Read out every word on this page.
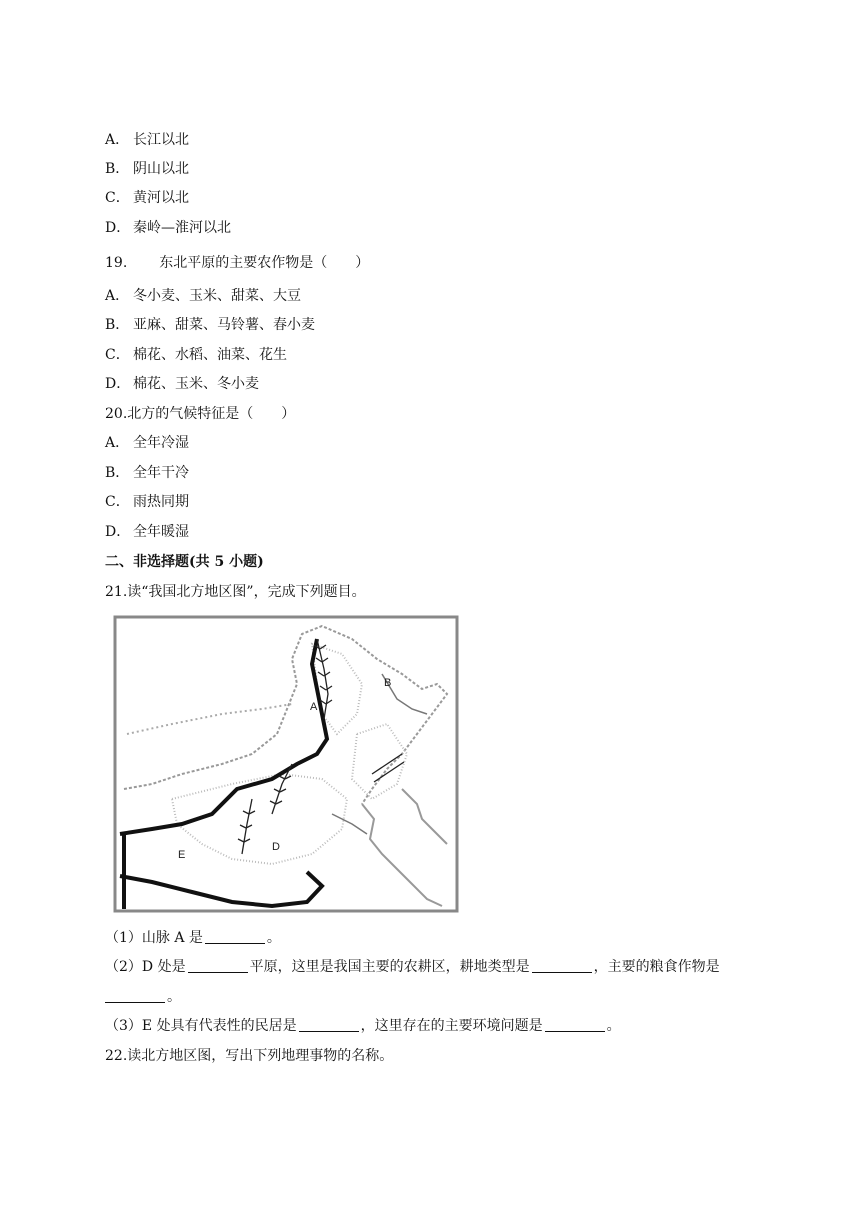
A． 长江以北
B． 阴山以北
C． 黄河以北
D． 秦岭—淮河以北
19. 东北平原的主要农作物是（　　）
A． 冬小麦、玉米、甜菜、大豆
B． 亚麻、甜菜、马铃薯、春小麦
C． 棉花、水稻、油菜、花生
D． 棉花、玉米、冬小麦
20.北方的气候特征是（　　）
A． 全年冷湿
B． 全年干冷
C． 雨热同期
D． 全年暖湿
二、非选择题(共 5 小题)
21.读“我国北方地区图”，完成下列题目。
A
B
D
E
（1）山脉 A 是	。
（2）D 处是	平原，这里是我国主要的农耕区，耕地类型是	，主要的粮食作物是
。
（3）E 处具有代表性的民居是	，这里存在的主要环境问题是	。
22.读北方地区图，写出下列地理事物的名称。
